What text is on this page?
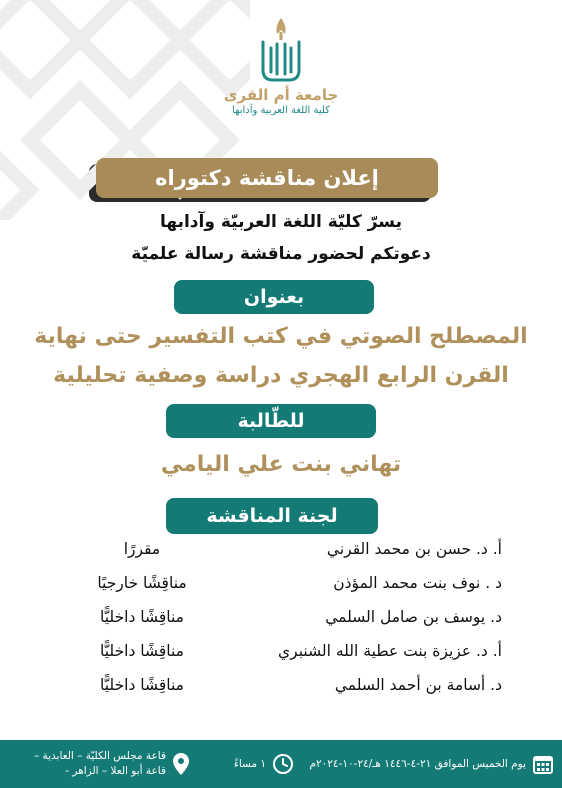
جامعة أم القرى
كلية اللغة العربية وآدابها
إعلان مناقشة دكتوراه
يسرّ كليّة اللغة العربيّة وآدابها
دعوتكم لحضور مناقشة رسالة علميّة
بعنوان
المصطلح الصوتي في كتب التفسير حتى نهاية
القرن الرابع الهجري دراسة وصفية تحليلية
للطّالبة
تهاني بنت علي اليامي
لجنة المناقشة
أ. د. حسن بن محمد القرني
مقررًا
د . نوف بنت محمد المؤذن
مناقِشًا خارجيًا
د. يوسف بن صامل السلمي
مناقِشًا داخليًّا
أ. د. عزيزة بنت عطية الله الشنبري
مناقِشًا داخليًّا
د. أسامة بن أحمد السلمي
مناقِشًا داخليًّا
يوم الخميس الموافق ٢١-٤-١٤٤٦ هـ/٢٤-١٠-٢٠٢٤م
١ مساءً
قاعة مجلس الكليّة – العابدية –
قاعة أبو العلا – الزاهر -
